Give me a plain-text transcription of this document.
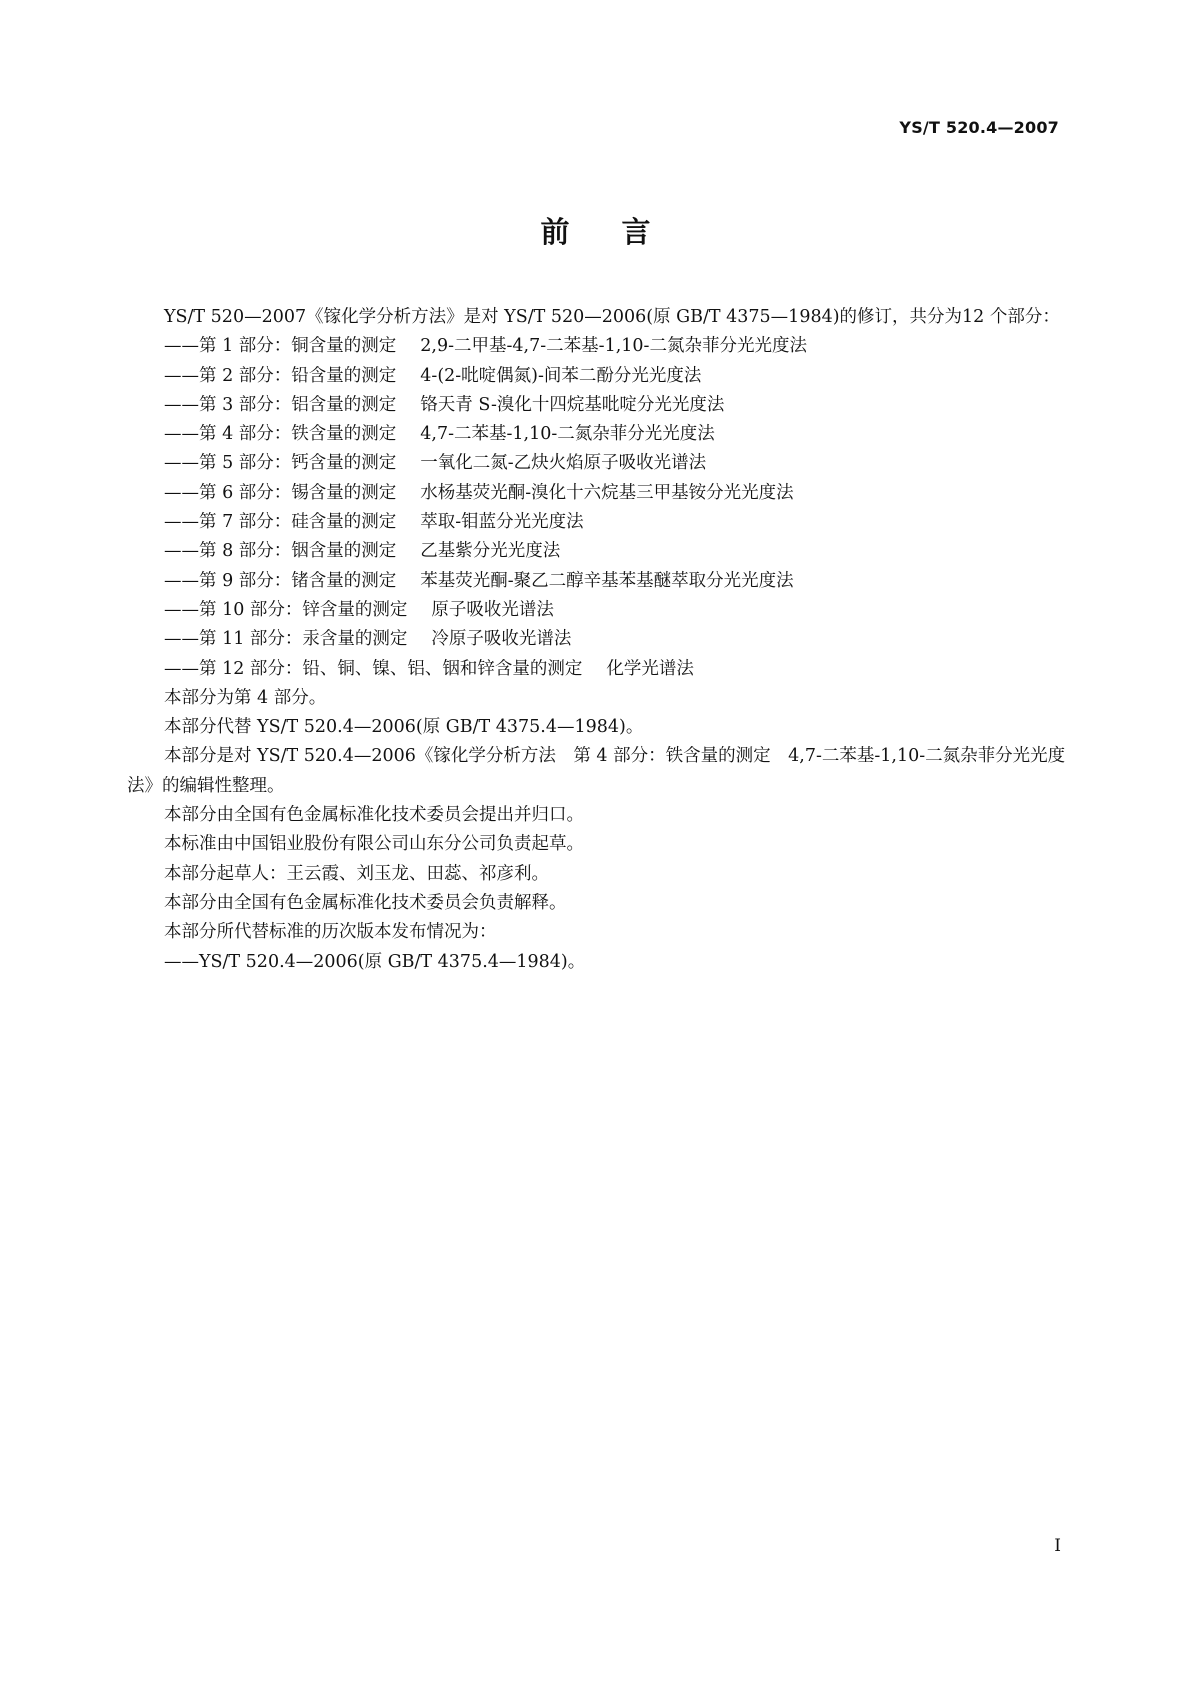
YS/T 520.4—2007
前言

YS/T 520—2007《镓化学分析方法》是对 YS/T 520—2006(原 GB/T 4375—1984)的修订，共分为12 个部分：

——第 1 部分：铜含量的测定 2,9-二甲基-4,7-二苯基-1,10-二氮杂菲分光光度法
——第 2 部分：铅含量的测定 4-(2-吡啶偶氮)-间苯二酚分光光度法
——第 3 部分：铝含量的测定 铬天青 S-溴化十四烷基吡啶分光光度法
——第 4 部分：铁含量的测定 4,7-二苯基-1,10-二氮杂菲分光光度法
——第 5 部分：钙含量的测定 一氧化二氮-乙炔火焰原子吸收光谱法
——第 6 部分：锡含量的测定 水杨基荧光酮-溴化十六烷基三甲基铵分光光度法
——第 7 部分：硅含量的测定 萃取-钼蓝分光光度法
——第 8 部分：铟含量的测定 乙基紫分光光度法
——第 9 部分：锗含量的测定 苯基荧光酮-聚乙二醇辛基苯基醚萃取分光光度法
——第 10 部分：锌含量的测定 原子吸收光谱法
——第 11 部分：汞含量的测定 冷原子吸收光谱法
——第 12 部分：铅、铜、镍、铝、铟和锌含量的测定 化学光谱法

本部分为第 4 部分。

本部分代替 YS/T 520.4—2006(原 GB/T 4375.4—1984)。

本部分是对 YS/T 520.4—2006《镓化学分析方法　第 4 部分：铁含量的测定　4,7-二苯基-1,10-二氮杂菲分光光度法》的编辑性整理。

本部分由全国有色金属标准化技术委员会提出并归口。

本标准由中国铝业股份有限公司山东分公司负责起草。

本部分起草人：王云霞、刘玉龙、田蕊、祁彦利。

本部分由全国有色金属标准化技术委员会负责解释。

本部分所代替标准的历次版本发布情况为：

——YS/T 520.4—2006(原 GB/T 4375.4—1984)。
I
